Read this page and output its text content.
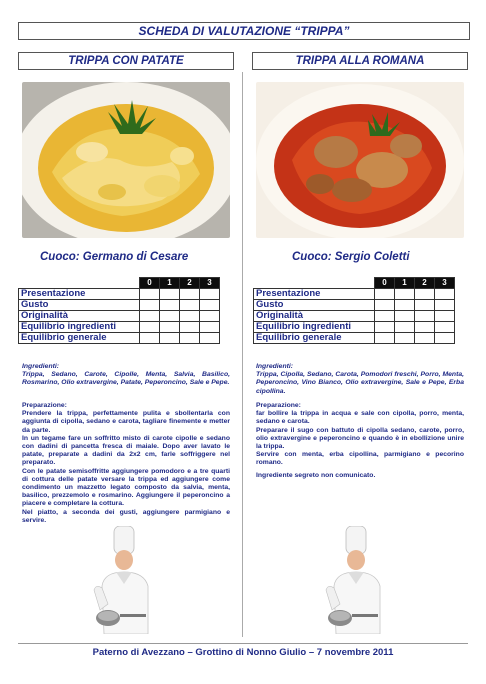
SCHEDA DI VALUTAZIONE “TRIPPA”
TRIPPA CON PATATE	TRIPPA ALLA ROMANA
Cuoco: Germano di Cesare	Cuoco: Sergio Coletti
	0	1	2	3
Presentazione				
Gusto				
Originalità				
Equilibrio ingredienti				
Equilibrio generale				
	0	1	2	3
Presentazione				
Gusto				
Originalità				
Equilibrio ingredienti				
Equilibrio generale				
Ingredienti:
Trippa, Sedano, Carote, Cipolle, Menta, Salvia, Basilico, Rosmarino, Olio extravergine, Patate, Peperoncino, Sale e Pepe.
Preparazione:
Prendere la trippa, perfettamente pulita e sbollentarla con aggiunta di cipolla, sedano e carota, tagliare finemente e metter da parte.
In un tegame fare un soffritto misto di carote cipolle e sedano con dadini di pancetta fresca di maiale. Dopo aver lavato le patate, preparate a dadini da 2x2 cm, farle soffriggere nel preparato.
Con le patate semisoffritte aggiungere pomodoro e a tre quarti di cottura delle patate versare la trippa ed aggiungere come condimento un mazzetto legato composto da salvia, menta, basilico, prezzemolo e rosmarino. Aggiungere il peperoncino a piacere e completare la cottura.
Nel piatto, a seconda dei gusti, aggiungere parmigiano e servire.
Ingredienti:
Trippa, Cipolla, Sedano, Carota, Pomodori freschi, Porro, Menta, Peperoncino, Vino Bianco, Olio extravergine, Sale e Pepe, Erba cipollina.
Preparazione:
far bollire la trippa in acqua e sale con cipolla, porro, menta, sedano e carota.
Preparare il sugo con battuto di cipolla sedano, carote, porro, olio extravergine e peperoncino e quando è in ebollizione unire la trippa.
Servire con menta, erba cipollina, parmigiano e pecorino romano.
Ingrediente segreto non comunicato.
Paterno di Avezzano – Grottino di Nonno Giulio – 7 novembre 2011
